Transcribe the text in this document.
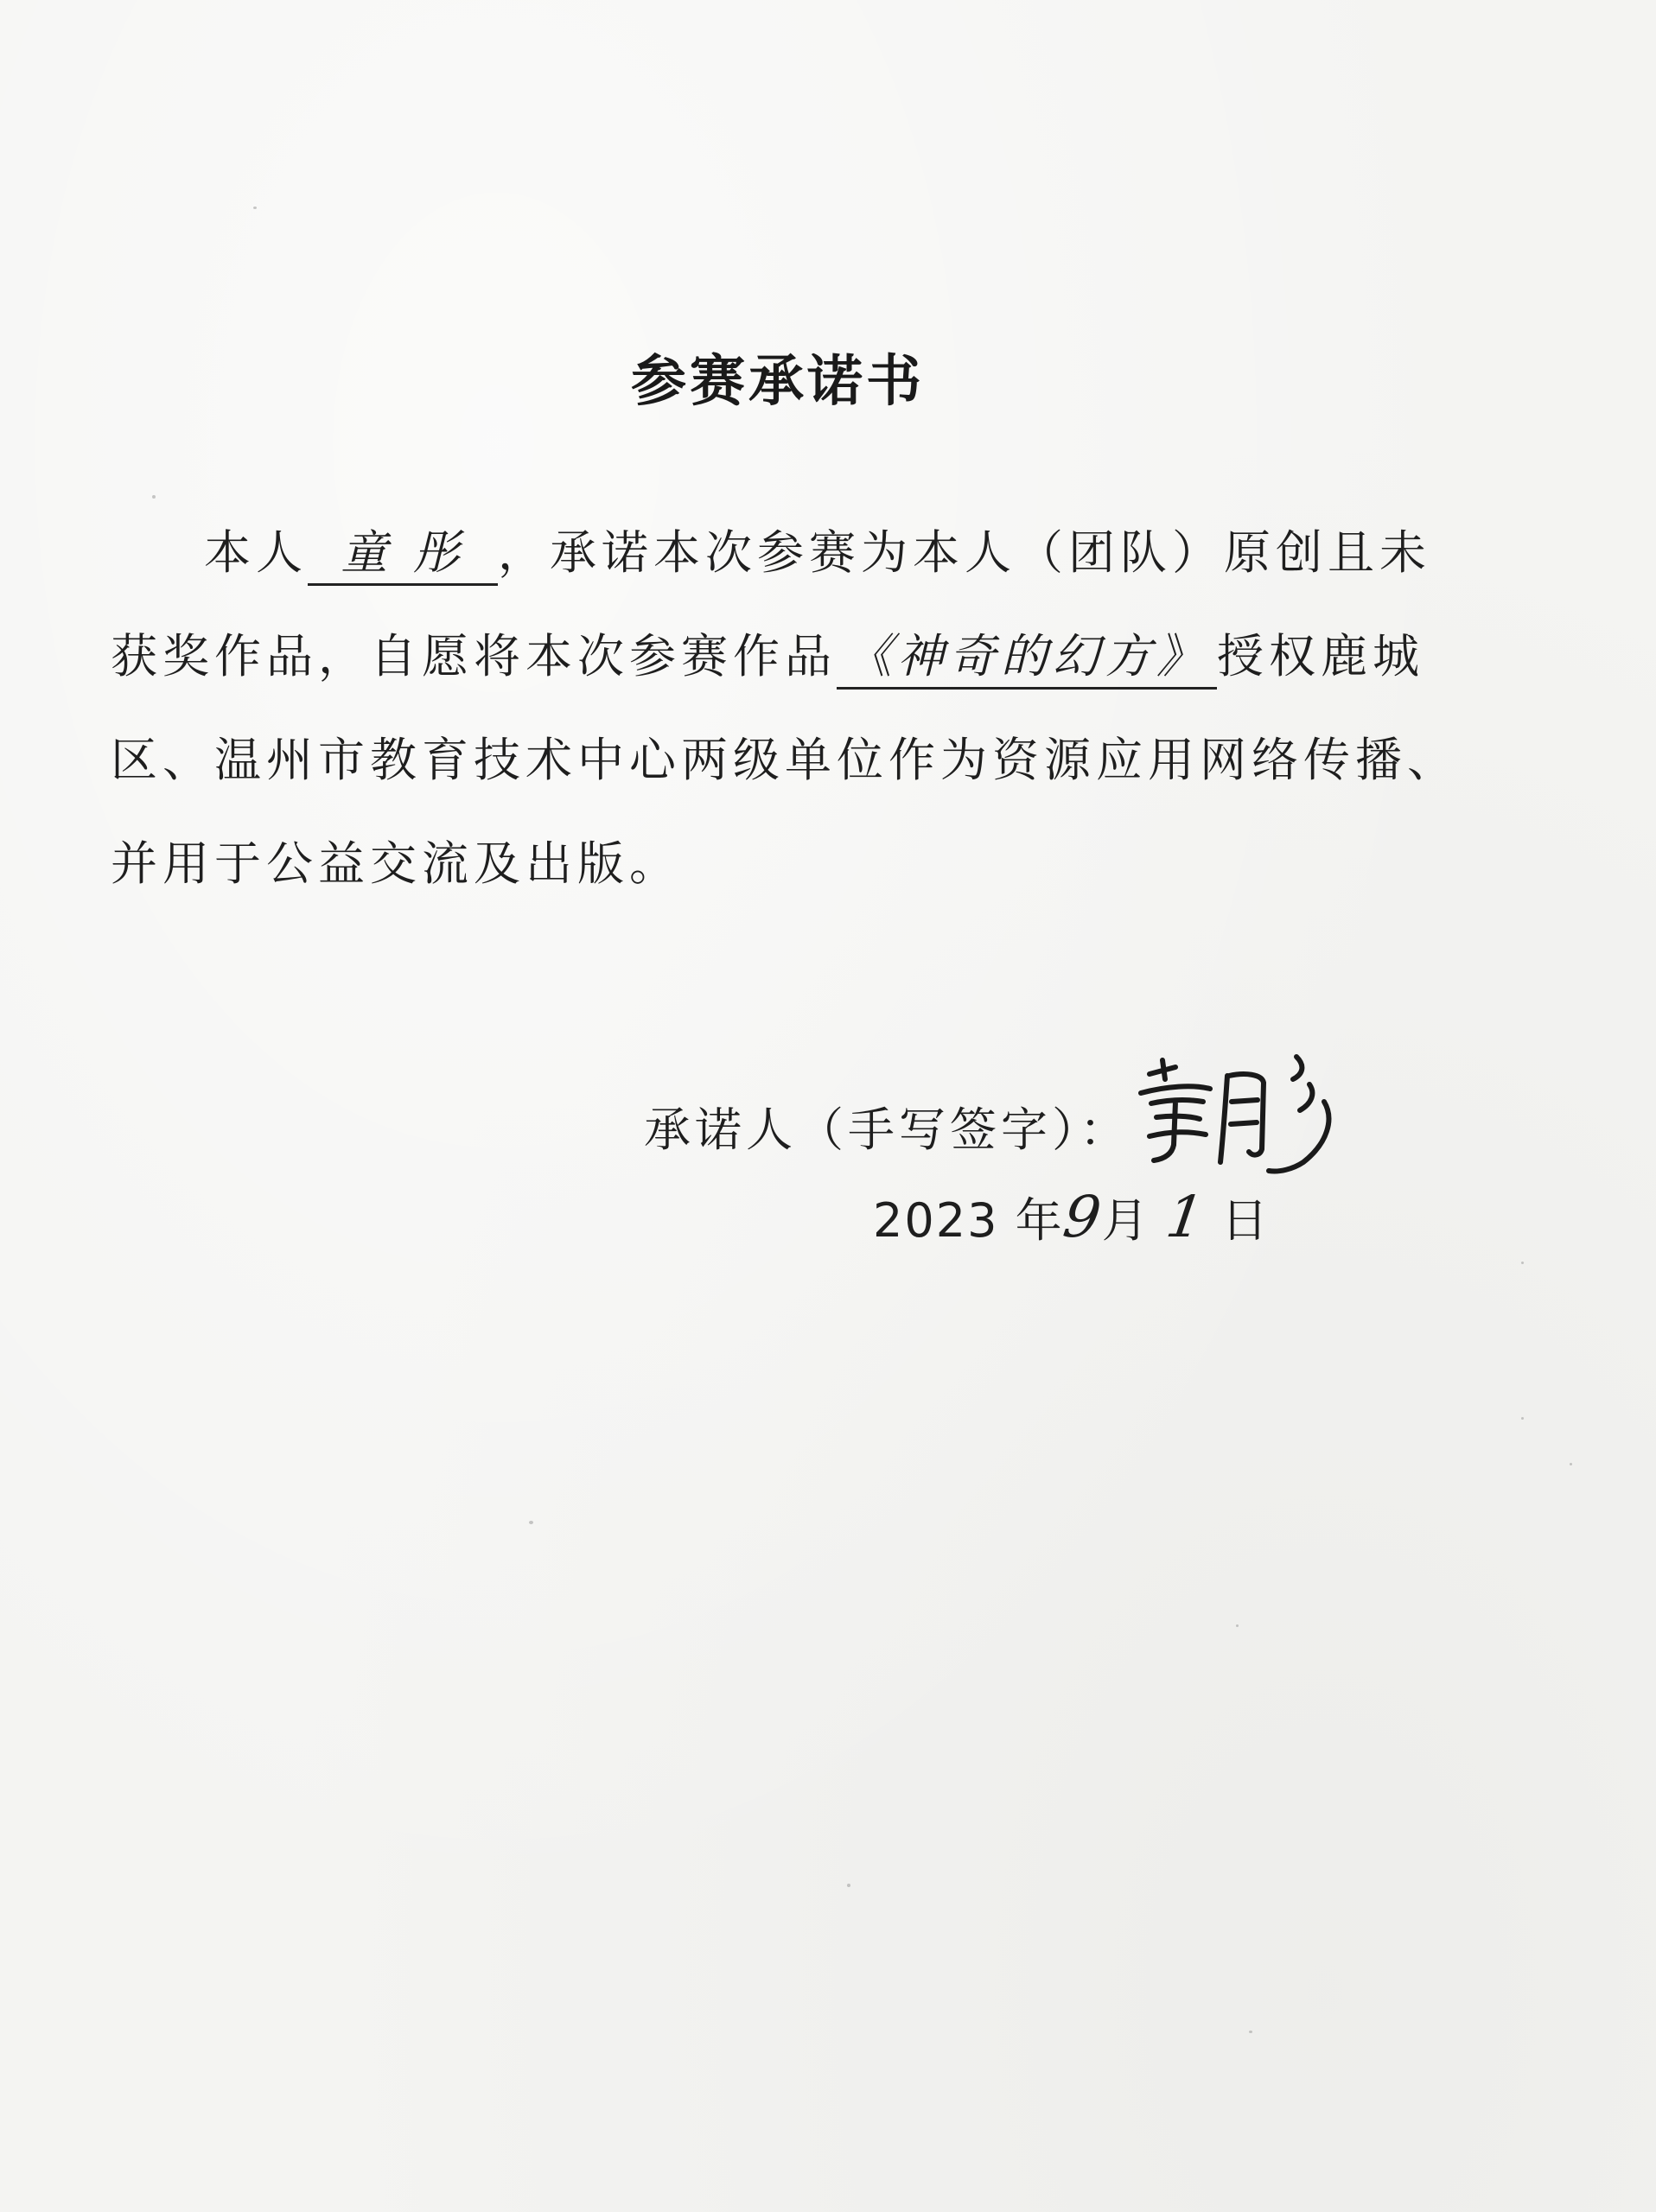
参赛承诺书
本人 童 彤 ，承诺本次参赛为本人（团队）原创且未获奖作品，自愿将本次参赛作品 《神奇的幻方》 授权鹿城区、温州市教育技术中心两级单位作为资源应用网络传播、并用于公益交流及出版。
承诺人（手写签字）：
2023 年9月 1 日
